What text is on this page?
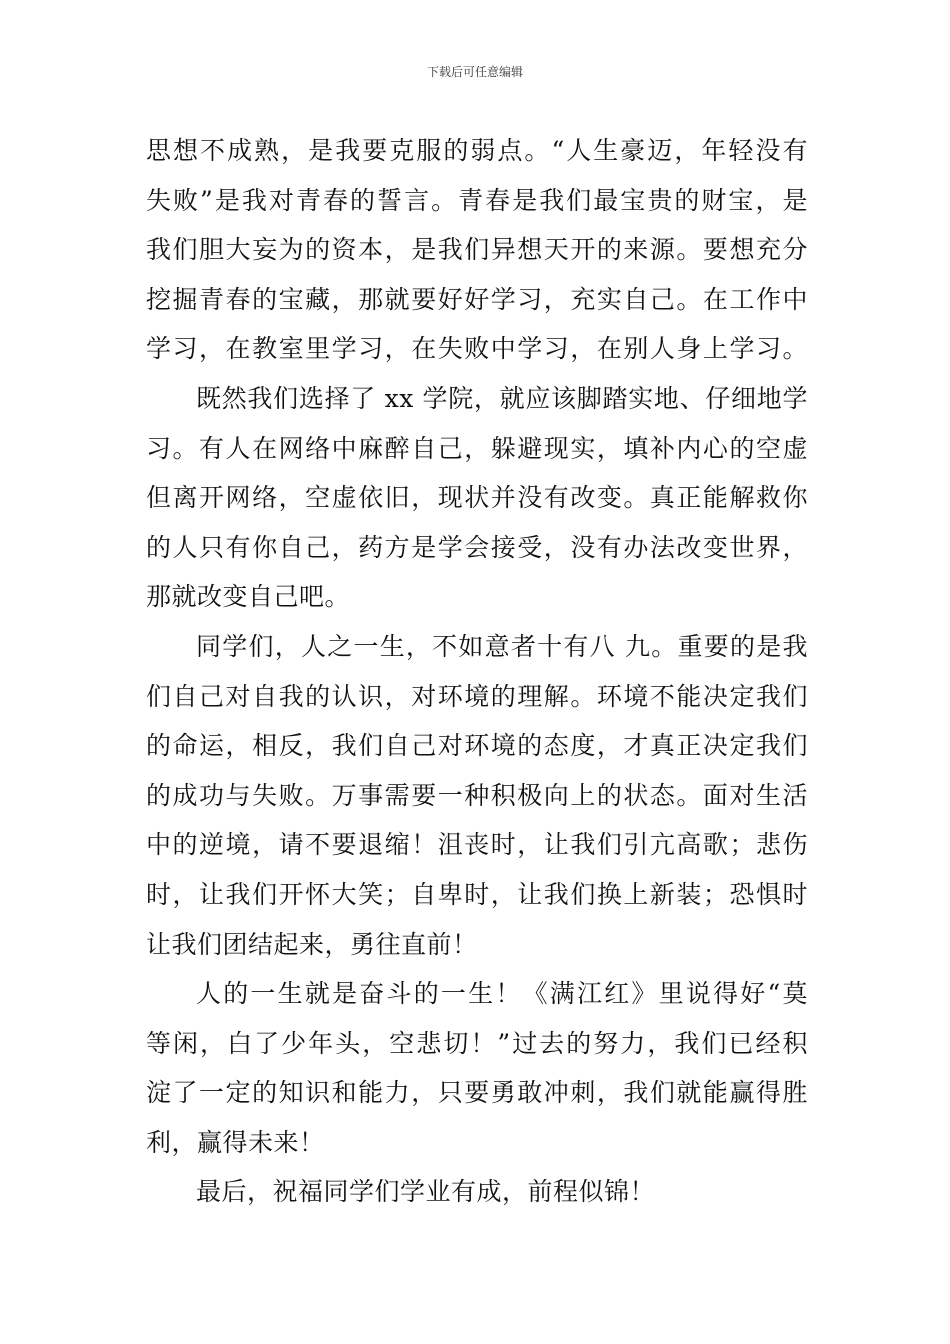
下载后可任意编辑
思想不成熟，是我要克服的弱点。“人生豪迈，年轻没有
失败”是我对青春的誓言。青春是我们最宝贵的财宝，是
我们胆大妄为的资本，是我们异想天开的来源。要想充分
挖掘青春的宝藏，那就要好好学习，充实自己。在工作中
学习，在教室里学习，在失败中学习，在别人身上学习。
既然我们选择了 xx 学院，就应该脚踏实地、仔细地学
习。有人在网络中麻醉自己，躲避现实，填补内心的空虚
但离开网络，空虚依旧，现状并没有改变。真正能解救你
的人只有你自己，药方是学会接受，没有办法改变世界，
那就改变自己吧。
同学们，人之一生，不如意者十有八 九。重要的是我
们自己对自我的认识，对环境的理解。环境不能决定我们
的命运，相反，我们自己对环境的态度，才真正决定我们
的成功与失败。万事需要一种积极向上的状态。面对生活
中的逆境，请不要退缩！沮丧时，让我们引亢高歌；悲伤
时，让我们开怀大笑；自卑时，让我们换上新装；恐惧时
让我们团结起来，勇往直前！
人的一生就是奋斗的一生！《满江红》里说得好“莫
等闲，白了少年头，空悲切！”过去的努力，我们已经积
淀了一定的知识和能力，只要勇敢冲刺，我们就能赢得胜
利，赢得未来！
最后，祝福同学们学业有成，前程似锦！
